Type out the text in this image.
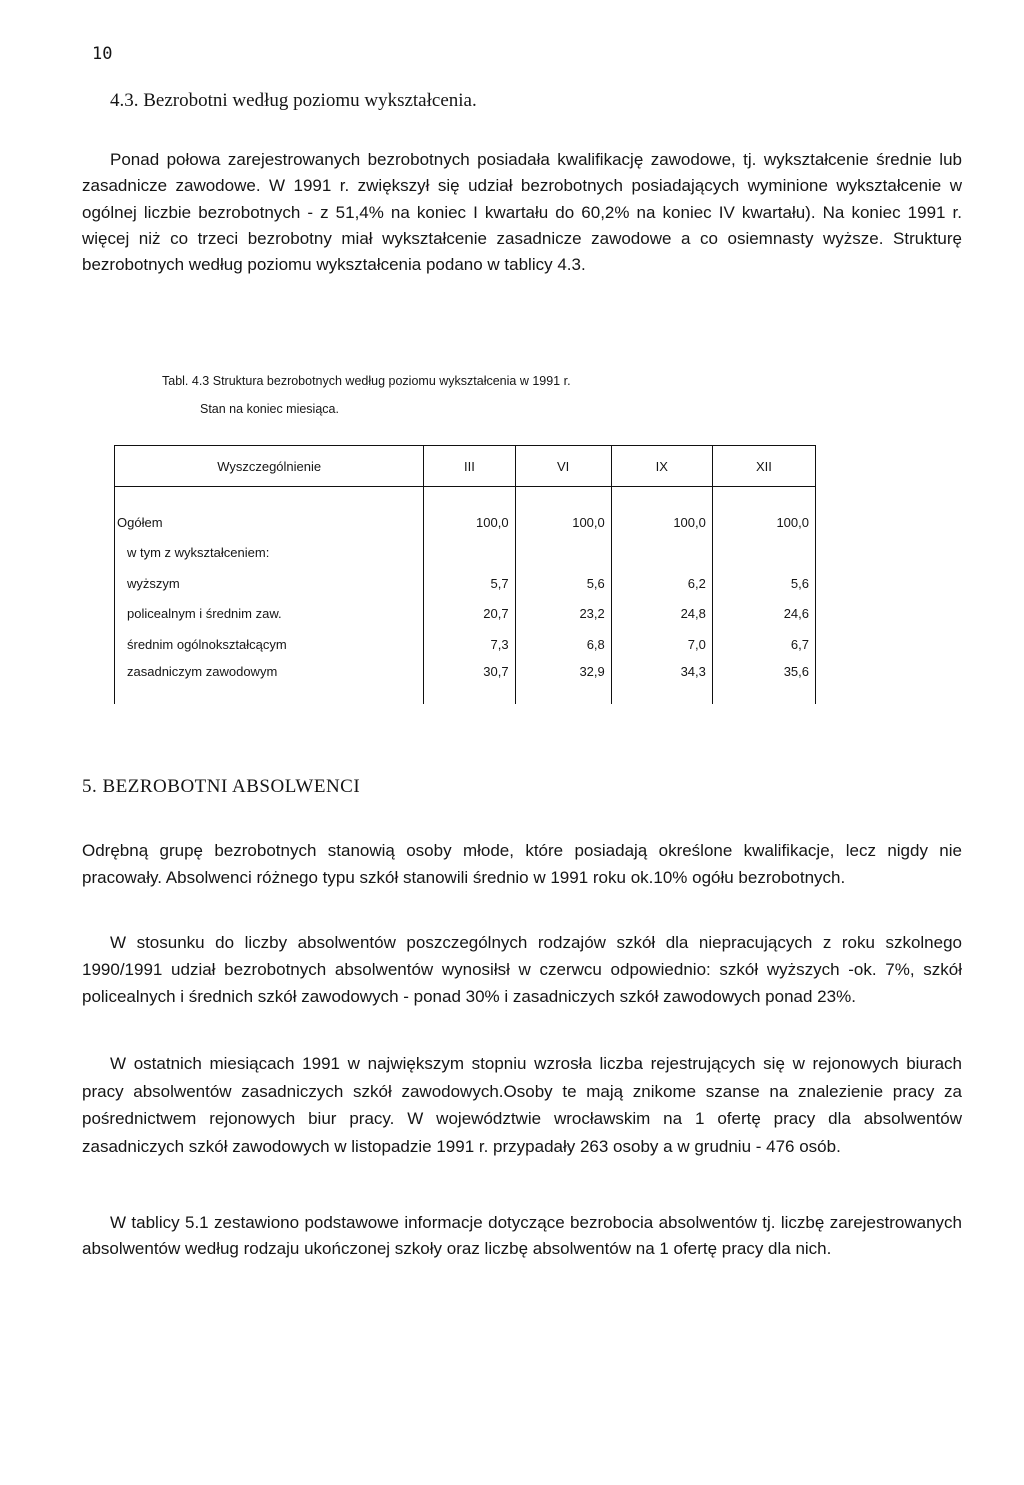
10
4.3. Bezrobotni według poziomu wykształcenia.

Ponad połowa zarejestrowanych bezrobotnych posiadała kwalifikację zawodowe, tj. wykształcenie średnie lub zasadnicze zawodowe. W 1991 r. zwiększył się udział bezrobotnych posiadających wyminione wykształcenie w ogólnej liczbie bezrobotnych - z 51,4% na koniec I kwartału do 60,2% na koniec IV kwartału). Na koniec 1991 r. więcej niż co trzeci bezrobotny miał wykształcenie zasadnicze zawodowe a co osiemnasty wyższe. Strukturę bezrobotnych według poziomu wykształcenia podano w tablicy 4.3.

Tabl. 4.3 Struktura bezrobotnych według poziomu wykształcenia w 1991 r.
Stan na koniec miesiąca.
Wyszczególnienie	III	VI	IX	XII

Ogółem	100,0	100,0	100,0	100,0
w tym z wykształceniem:				
wyższym	5,7	5,6	6,2	5,6
policealnym i średnim zaw.	20,7	23,2	24,8	24,6
średnim ogólnokształcącym	7,3	6,8	7,0	6,7
zasadniczym zawodowym	30,7	32,9	34,3	35,6
5. BEZROBOTNI ABSOLWENCI

Odrębną grupę bezrobotnych stanowią osoby młode, które posiadają określone kwalifikacje, lecz nigdy nie pracowały. Absolwenci różnego typu szkół stanowili średnio w 1991 roku ok.10% ogółu bezrobotnych.

W stosunku do liczby absolwentów poszczególnych rodzajów szkół dla niepracujących z roku szkolnego 1990/1991 udział bezrobotnych absolwentów wynosiłsł w czerwcu odpowiednio: szkół wyższych -ok. 7%, szkół policealnych i średnich szkół zawodowych - ponad 30% i zasadniczych szkół zawodowych ponad 23%.

W ostatnich miesiącach 1991 w największym stopniu wzrosła liczba rejestrujących się w rejonowych biurach pracy absolwentów zasadniczych szkół zawodowych.Osoby te mają znikome szanse na znalezienie pracy za pośrednictwem rejonowych biur pracy. W województwie wrocławskim na 1 ofertę pracy dla absolwentów zasadniczych szkół zawodowych w listopadzie 1991 r. przypadały 263 osoby a w grudniu - 476 osób.

W tablicy 5.1 zestawiono podstawowe informacje dotyczące bezrobocia absolwentów tj. liczbę zarejestrowanych absolwentów według rodzaju ukończonej szkoły oraz liczbę absolwentów na 1 ofertę pracy dla nich.
